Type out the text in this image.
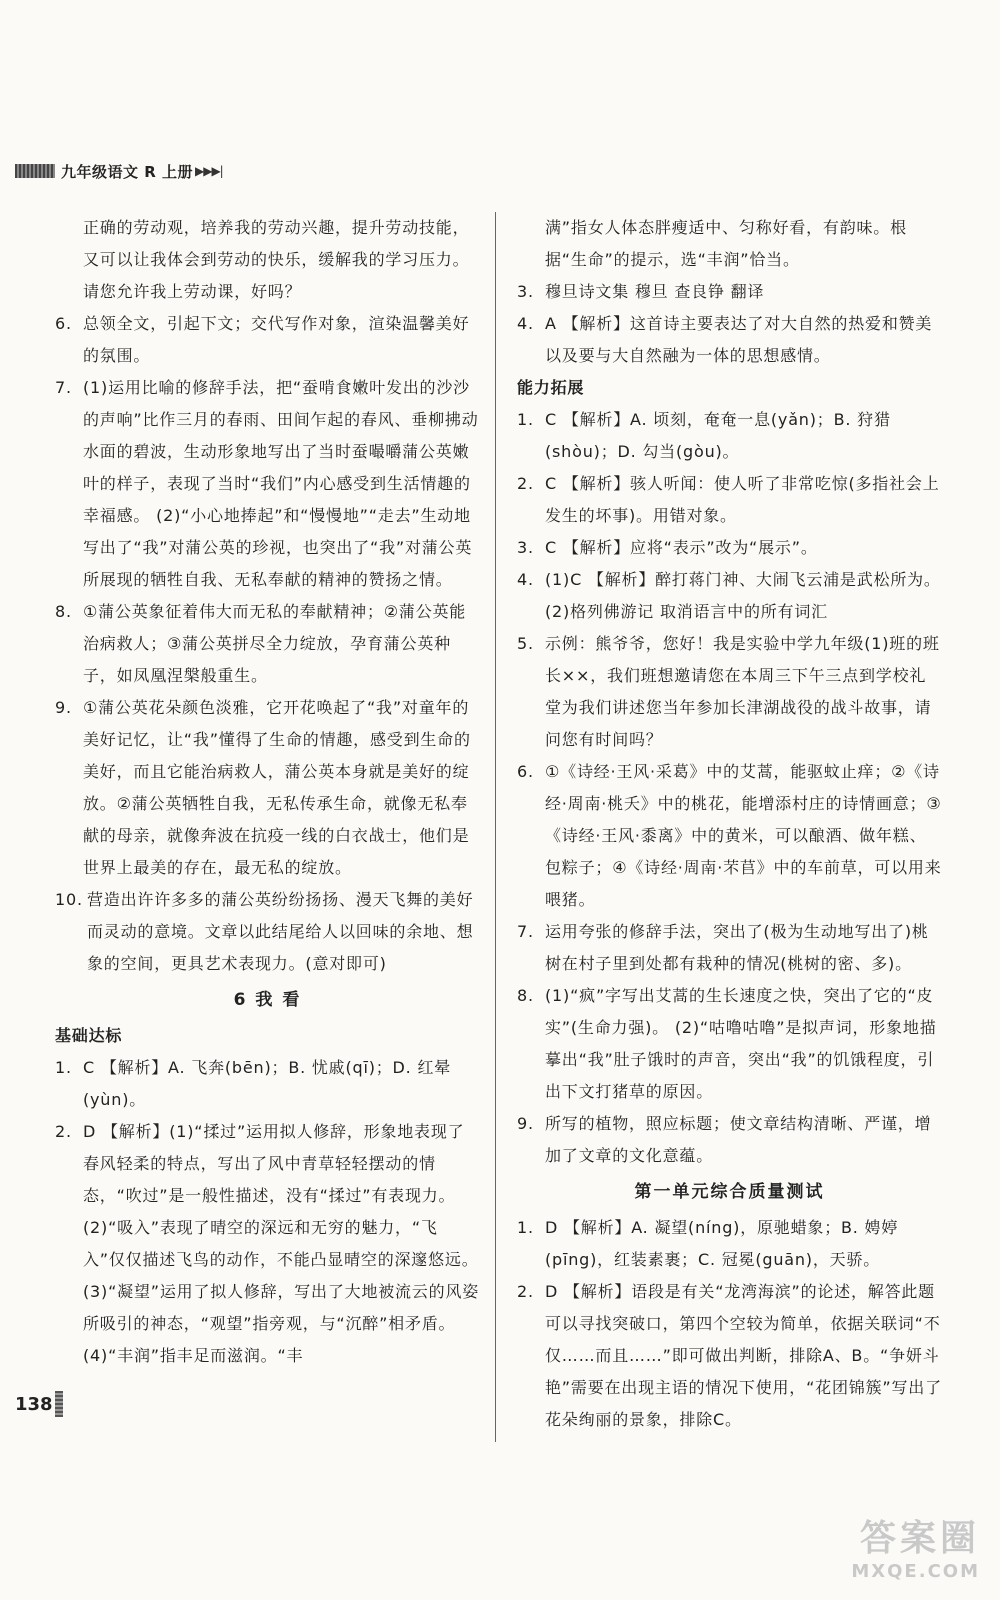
九年级语文 R 上册 ▶▶▶|

正确的劳动观，培养我的劳动兴趣，提升劳动技能，又可以让我体会到劳动的快乐，缓解我的学习压力。请您允许我上劳动课，好吗？

6. 总领全文，引起下文；交代写作对象，渲染温馨美好的氛围。

7. (1)运用比喻的修辞手法，把“蚕啃食嫩叶发出的沙沙的声响”比作三月的春雨、田间乍起的春风、垂柳拂动水面的碧波，生动形象地写出了当时蚕嘬嚼蒲公英嫩叶的样子，表现了当时“我们”内心感受到生活情趣的幸福感。 (2)“小心地捧起”和“慢慢地”“走去”生动地写出了“我”对蒲公英的珍视，也突出了“我”对蒲公英所展现的牺牲自我、无私奉献的精神的赞扬之情。

8. ①蒲公英象征着伟大而无私的奉献精神；②蒲公英能治病救人；③蒲公英拼尽全力绽放，孕育蒲公英种子，如凤凰涅槃般重生。

9. ①蒲公英花朵颜色淡雅，它开花唤起了“我”对童年的美好记忆，让“我”懂得了生命的情趣，感受到生命的美好，而且它能治病救人，蒲公英本身就是美好的绽放。②蒲公英牺牲自我，无私传承生命，就像无私奉献的母亲，就像奔波在抗疫一线的白衣战士，他们是世界上最美的存在，最无私的绽放。

10. 营造出许许多多的蒲公英纷纷扬扬、漫天飞舞的美好而灵动的意境。文章以此结尾给人以回味的余地、想象的空间，更具艺术表现力。(意对即可)

6 我 看

基础达标

1. C 【解析】A. 飞奔(bēn)；B. 忧戚(qī)；D. 红晕(yùn)。

2. D 【解析】(1)“揉过”运用拟人修辞，形象地表现了春风轻柔的特点，写出了风中青草轻轻摆动的情态，“吹过”是一般性描述，没有“揉过”有表现力。(2)“吸入”表现了晴空的深远和无穷的魅力，“飞入”仅仅描述飞鸟的动作，不能凸显晴空的深邃悠远。(3)“凝望”运用了拟人修辞，写出了大地被流云的风姿所吸引的神态，“观望”指旁观，与“沉醉”相矛盾。(4)“丰润”指丰足而滋润。“丰

满”指女人体态胖瘦适中、匀称好看，有韵味。根据“生命”的提示，选“丰润”恰当。

3. 穆旦诗文集 穆旦 查良铮 翻译

4. A 【解析】这首诗主要表达了对大自然的热爱和赞美以及要与大自然融为一体的思想感情。

能力拓展

1. C 【解析】A. 顷刻，奄奄一息(yǎn)；B. 狩猎(shòu)；D. 勾当(gòu)。

2. C 【解析】骇人听闻：使人听了非常吃惊(多指社会上发生的坏事)。用错对象。

3. C 【解析】应将“表示”改为“展示”。

4. (1)C 【解析】醉打蒋门神、大闹飞云浦是武松所为。 (2)格列佛游记 取消语言中的所有词汇

5. 示例：熊爷爷，您好！我是实验中学九年级(1)班的班长××，我们班想邀请您在本周三下午三点到学校礼堂为我们讲述您当年参加长津湖战役的战斗故事，请问您有时间吗？

6. ①《诗经·王风·采葛》中的艾蒿，能驱蚊止痒；②《诗经·周南·桃夭》中的桃花，能增添村庄的诗情画意；③《诗经·王风·黍离》中的黄米，可以酿酒、做年糕、包粽子；④《诗经·周南·芣苢》中的车前草，可以用来喂猪。

7. 运用夸张的修辞手法，突出了(极为生动地写出了)桃树在村子里到处都有栽种的情况(桃树的密、多)。

8. (1)“疯”字写出艾蒿的生长速度之快，突出了它的“皮实”(生命力强)。 (2)“咕噜咕噜”是拟声词，形象地描摹出“我”肚子饿时的声音，突出“我”的饥饿程度，引出下文打猪草的原因。

9. 所写的植物，照应标题；使文章结构清晰、严谨，增加了文章的文化意蕴。

第一单元综合质量测试

1. D 【解析】A. 凝望(níng)，原驰蜡象；B. 娉婷(pīng)，红装素裹；C. 冠冕(guān)，天骄。

2. D 【解析】语段是有关“龙湾海滨”的论述，解答此题可以寻找突破口，第四个空较为简单，依据关联词“不仅……而且……”即可做出判断，排除A、B。“争妍斗艳”需要在出现主语的情况下使用，“花团锦簇”写出了花朵绚丽的景象，排除C。

138
答案圈
MXQE.COM
